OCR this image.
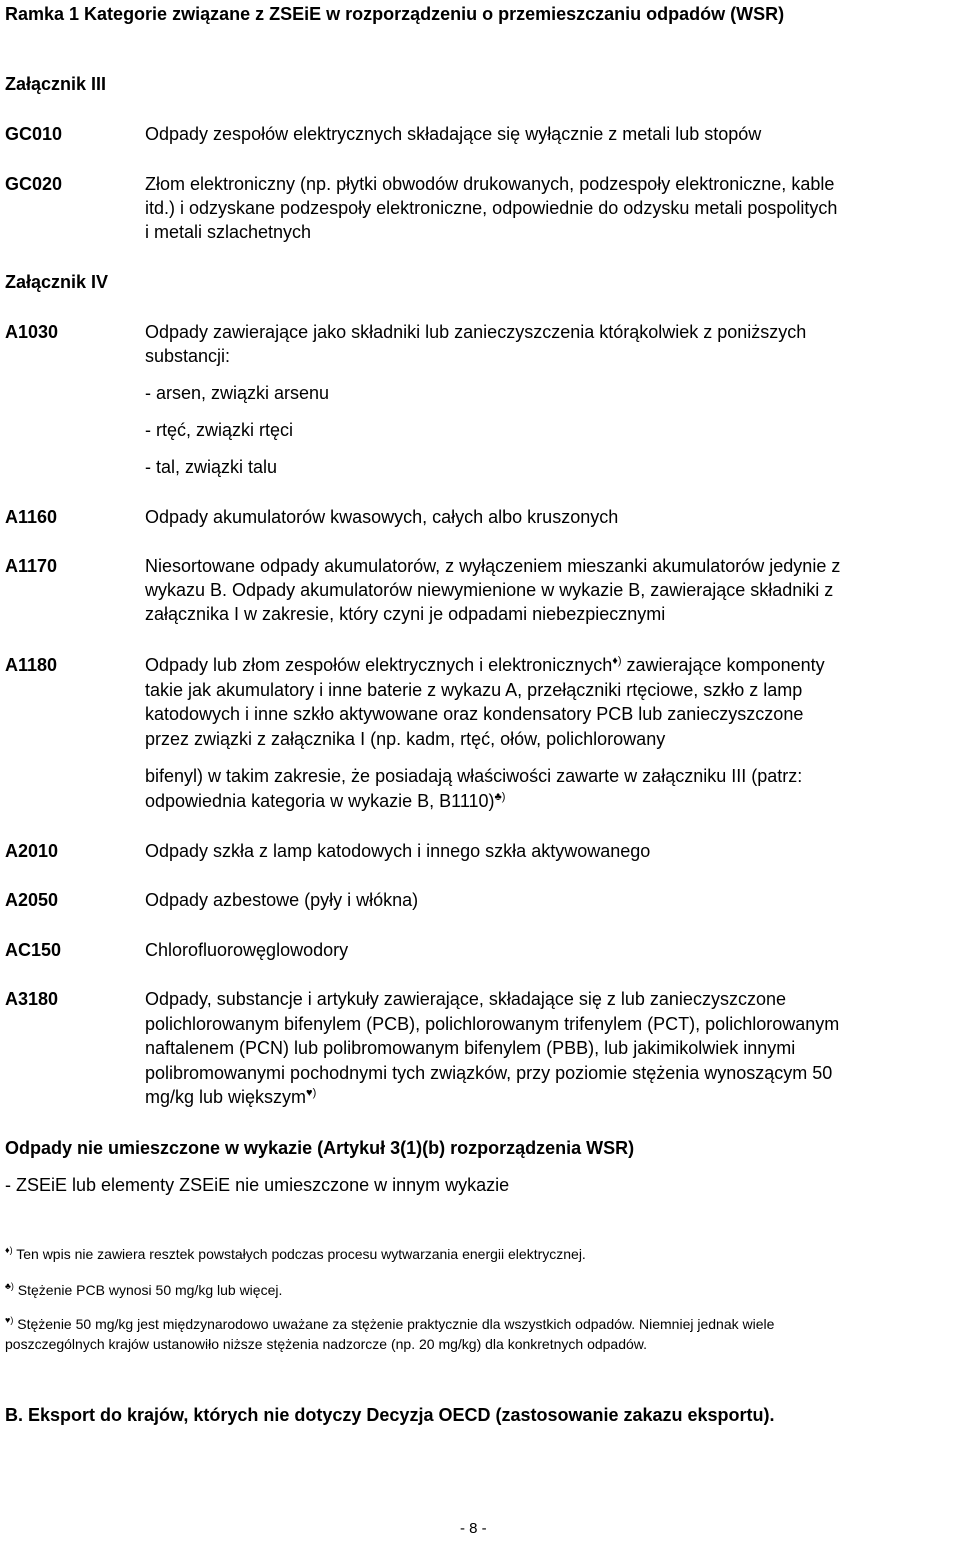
Ramka 1 Kategorie związane z ZSEiE w rozporządzeniu o przemieszczaniu odpadów (WSR)
Załącznik III
GC010	Odpady zespołów elektrycznych składające się wyłącznie z metali lub stopów
GC020	Złom elektroniczny (np. płytki obwodów drukowanych, podzespoły elektroniczne, kable
itd.) i odzyskane podzespoły elektroniczne, odpowiednie do odzysku metali pospolitych
i metali szlachetnych
Załącznik IV
A1030	Odpady zawierające jako składniki lub zanieczyszczenia którąkolwiek z poniższych
substancji:
- arsen, związki arsenu
- rtęć, związki rtęci
- tal, związki talu
A1160	Odpady akumulatorów kwasowych, całych albo kruszonych
A1170	Niesortowane odpady akumulatorów, z wyłączeniem mieszanki akumulatorów jedynie z
wykazu B. Odpady akumulatorów niewymienione w wykazie B, zawierające składniki z
załącznika I w zakresie, który czyni je odpadami niebezpiecznymi
A1180	Odpady lub złom zespołów elektrycznych i elektronicznych♦) zawierające komponenty
takie jak akumulatory i inne baterie z wykazu A, przełączniki rtęciowe, szkło z lamp
katodowych i inne szkło aktywowane oraz kondensatory PCB lub zanieczyszczone
przez związki z załącznika I (np. kadm, rtęć, ołów, polichlorowany
bifenyl) w takim zakresie, że posiadają właściwości zawarte w załączniku III (patrz:
odpowiednia kategoria w wykazie B, B1110)♣)
A2010	Odpady szkła z lamp katodowych i innego szkła aktywowanego
A2050	Odpady azbestowe (pyły i włókna)
AC150	Chlorofluorowęglowodory
A3180	Odpady, substancje i artykuły zawierające, składające się z lub zanieczyszczone
polichlorowanym bifenylem (PCB), polichlorowanym trifenylem (PCT), polichlorowanym
naftalenem (PCN) lub polibromowanym bifenylem (PBB), lub jakimikolwiek innymi
polibromowanymi pochodnymi tych związków, przy poziomie stężenia wynoszącym 50
mg/kg lub większym♥)
Odpady nie umieszczone w wykazie (Artykuł 3(1)(b) rozporządzenia WSR)
- ZSEiE lub elementy ZSEiE nie umieszczone w innym wykazie
♦) Ten wpis nie zawiera resztek powstałych podczas procesu wytwarzania energii elektrycznej.
♣) Stężenie PCB wynosi 50 mg/kg lub więcej.
♥) Stężenie 50 mg/kg jest międzynarodowo uważane za stężenie praktycznie dla wszystkich odpadów. Niemniej jednak wiele
poszczególnych krajów ustanowiło niższe stężenia nadzorcze (np. 20 mg/kg) dla konkretnych odpadów.
B. Eksport do krajów, których nie dotyczy Decyzja OECD (zastosowanie zakazu eksportu).
- 8 -
